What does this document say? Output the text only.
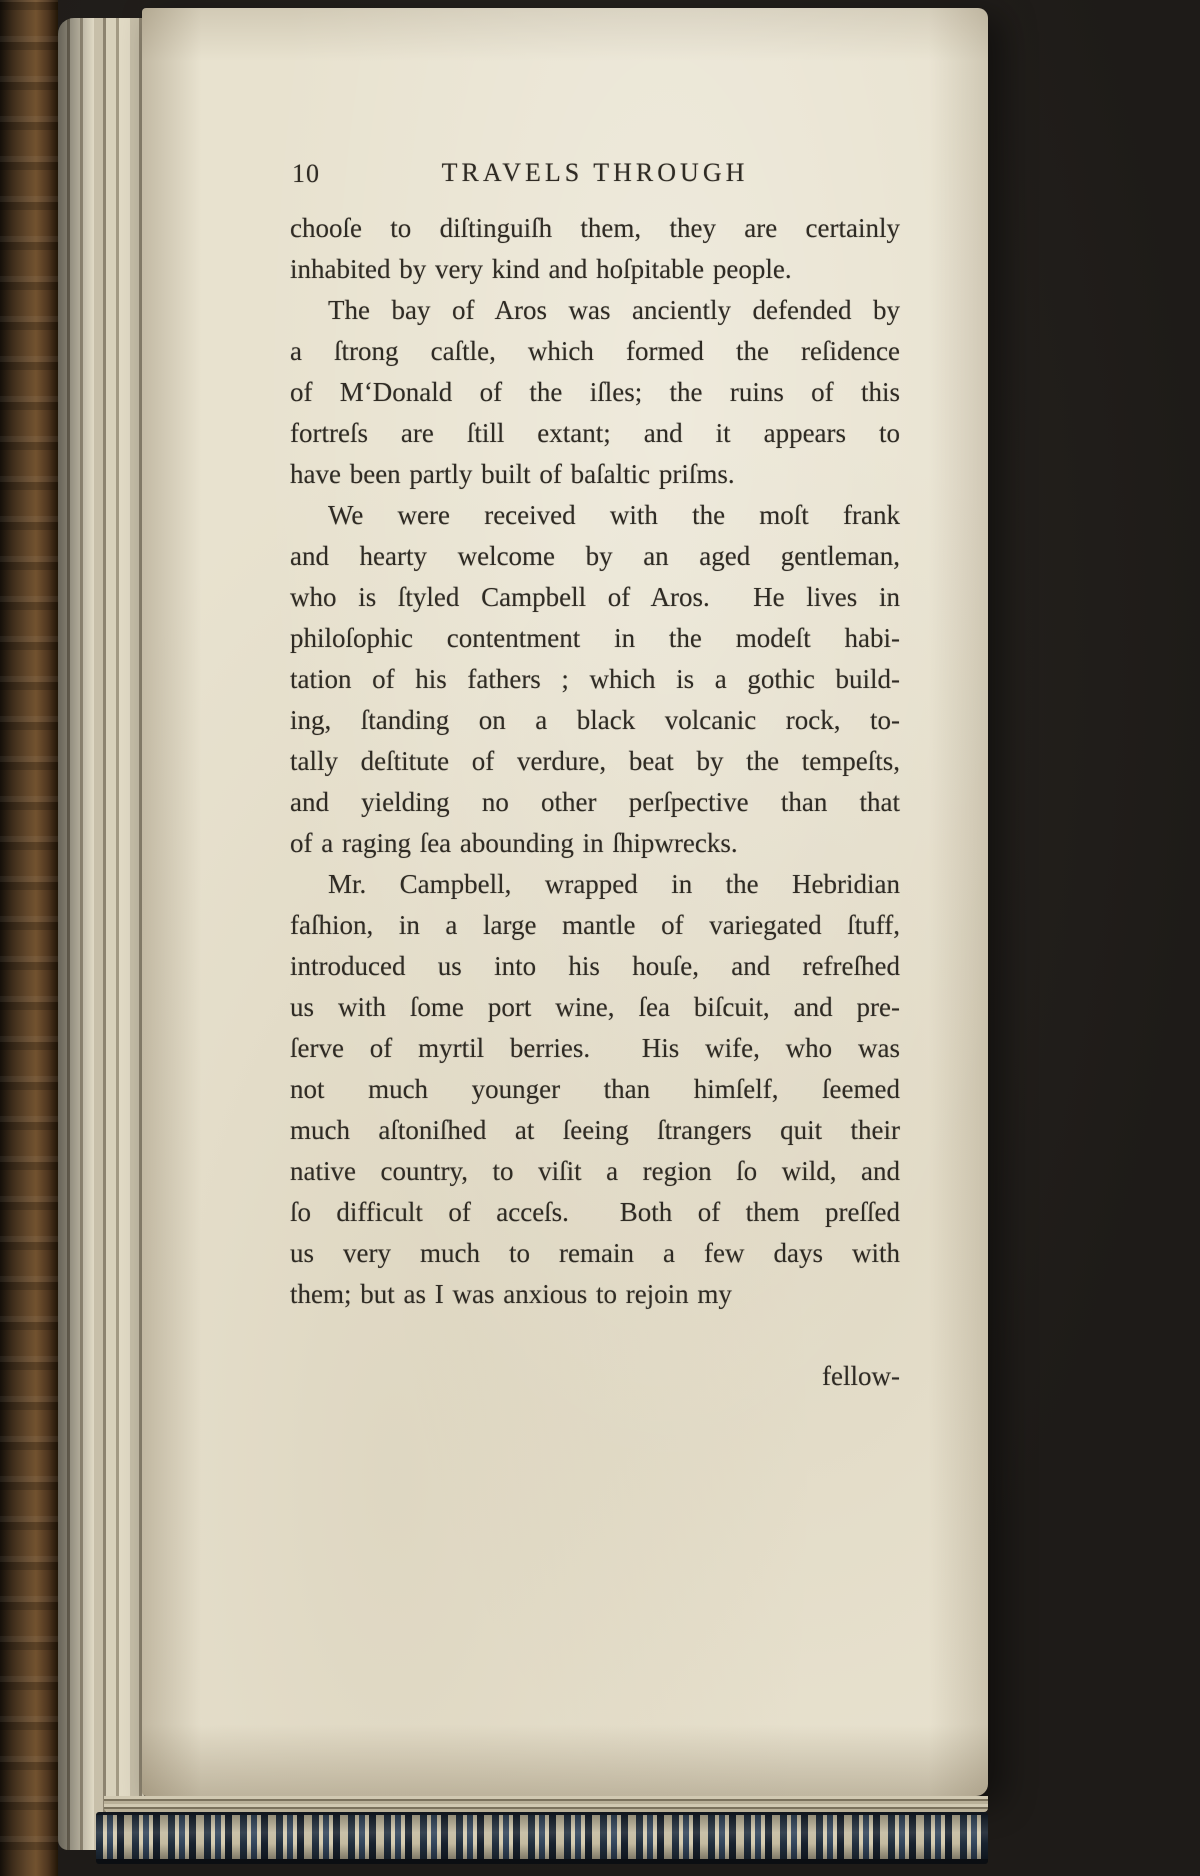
10	TRAVELS THROUGH
chooſe to diſtinguiſh them, they are certainly
inhabited by very kind and hoſpitable people.
The bay of Aros was anciently defended by
a ſtrong caſtle, which formed the reſidence
of M‘Donald of the iſles; the ruins of this
fortreſs are ſtill extant; and it appears to
have been partly built of baſaltic priſms.
We were received with the moſt frank
and hearty welcome by an aged gentleman,
who is ſtyled Campbell of Aros.  He lives in
philoſophic contentment in the modeſt habi-
tation of his fathers ; which is a gothic build-
ing, ſtanding on a black volcanic rock, to-
tally deſtitute of verdure, beat by the tempeſts,
and yielding no other perſpective than that
of a raging ſea abounding in ſhipwrecks.
Mr. Campbell, wrapped in the Hebridian
faſhion, in a large mantle of variegated ſtuff,
introduced us into his houſe, and refreſhed
us with ſome port wine, ſea biſcuit, and pre-
ſerve of myrtil berries.  His wife, who was
not much younger than himſelf, ſeemed
much aſtoniſhed at ſeeing ſtrangers quit their
native country, to viſit a region ſo wild, and
ſo difficult of acceſs.  Both of them preſſed
us very much to remain a few days with
them; but as I was anxious to rejoin my

fellow-
